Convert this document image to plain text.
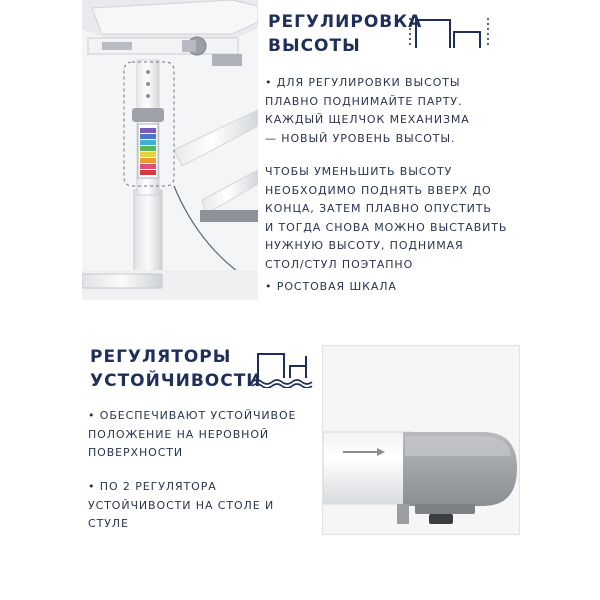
РЕГУЛИРОВКА
ВЫСОТЫ
• ДЛЯ РЕГУЛИРОВКИ ВЫСОТЫ
ПЛАВНО ПОДНИМАЙТЕ ПАРТУ.
КАЖДЫЙ ЩЕЛЧОК МЕХАНИЗМА
— НОВЫЙ УРОВЕНЬ ВЫСОТЫ.
ЧТОБЫ УМЕНЬШИТЬ ВЫСОТУ
НЕОБХОДИМО ПОДНЯТЬ ВВЕРХ ДО
КОНЦА, ЗАТЕМ ПЛАВНО ОПУСТИТЬ
И ТОГДА СНОВА МОЖНО ВЫСТАВИТЬ
НУЖНУЮ ВЫСОТУ, ПОДНИМАЯ
СТОЛ/СТУЛ ПОЭТАПНО
• РОСТОВАЯ ШКАЛА
РЕГУЛЯТОРЫ
УСТОЙЧИВОСТИ
• ОБЕСПЕЧИВАЮТ УСТОЙЧИВОЕ
ПОЛОЖЕНИЕ НА НЕРОВНОЙ
ПОВЕРХНОСТИ
• ПО 2 РЕГУЛЯТОРА
УСТОЙЧИВОСТИ НА СТОЛЕ И
СТУЛЕ
